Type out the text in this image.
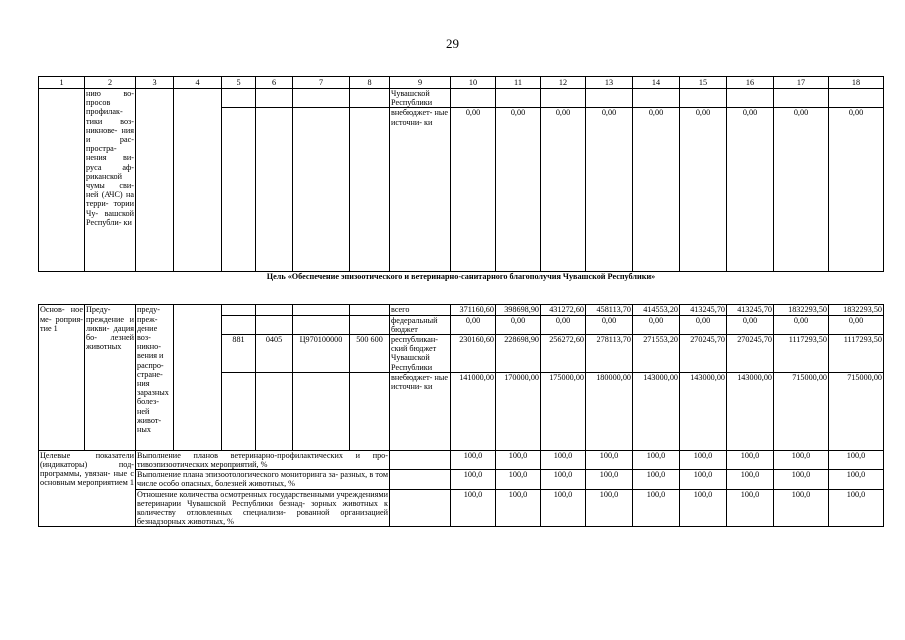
29
1	2	3	4	5	6	7	8	9	10	11	12	13	14	15	16	17	18
	нию во- просов профилак- тики воз- никнове- ния и рас- простра- нения ви- руса аф- риканской чумы сви- ней (АЧС) на терри- тории Чу- вашской Республи- ки							Чувашской Республики									
								внебюджет- ные источни- ки	0,00	0,00	0,00	0,00	0,00	0,00	0,00	0,00	0,00
Цель «Обеспечение эпизоотического и ветеринарно-санитарного благополучия Чувашской Республики»																	
Основ- ное ме- роприя- тие 1	Преду- преждение и ликви- дация бо- лезней животных	преду- преж- дение воз- никно- вения и распро- стране- ния заразных болез- ней живот- ных						всего	371160,60	398698,90	431272,60	458113,70	414553,20	413245,70	413245,70	1832293,50	1832293,50
								федеральный бюджет	0,00	0,00	0,00	0,00	0,00	0,00	0,00	0,00	0,00
				881	0405	Ц970100000	500 600	республикан- ский бюджет Чувашской Республики	230160,60	228698,90	256272,60	278113,70	271553,20	270245,70	270245,70	1117293,50	1117293,50
								внебюджет- ные источни- ки	141000,00	170000,00	175000,00	180000,00	143000,00	143000,00	143000,00	715000,00	715000,00
Целевые показатели (индикаторы) под- программы, увязан- ные с основным мероприятием 1		Выполнение планов ветеринарно-профилактических и про- тивоэпизоотических мероприятий, %							100,0	100,0	100,0	100,0	100,0	100,0	100,0	100,0	100,0
		Выполнение плана эпизоотологического мониторинга за- разных, в том числе особо опасных, болезней животных, %							100,0	100,0	100,0	100,0	100,0	100,0	100,0	100,0	100,0
		Отношение количества осмотренных государственными учреждениями ветеринарии Чувашской Республики безнад- зорных животных к количеству отловленных специализи- рованной организацией безнадзорных животных, %							100,0	100,0	100,0	100,0	100,0	100,0	100,0	100,0	100,0
